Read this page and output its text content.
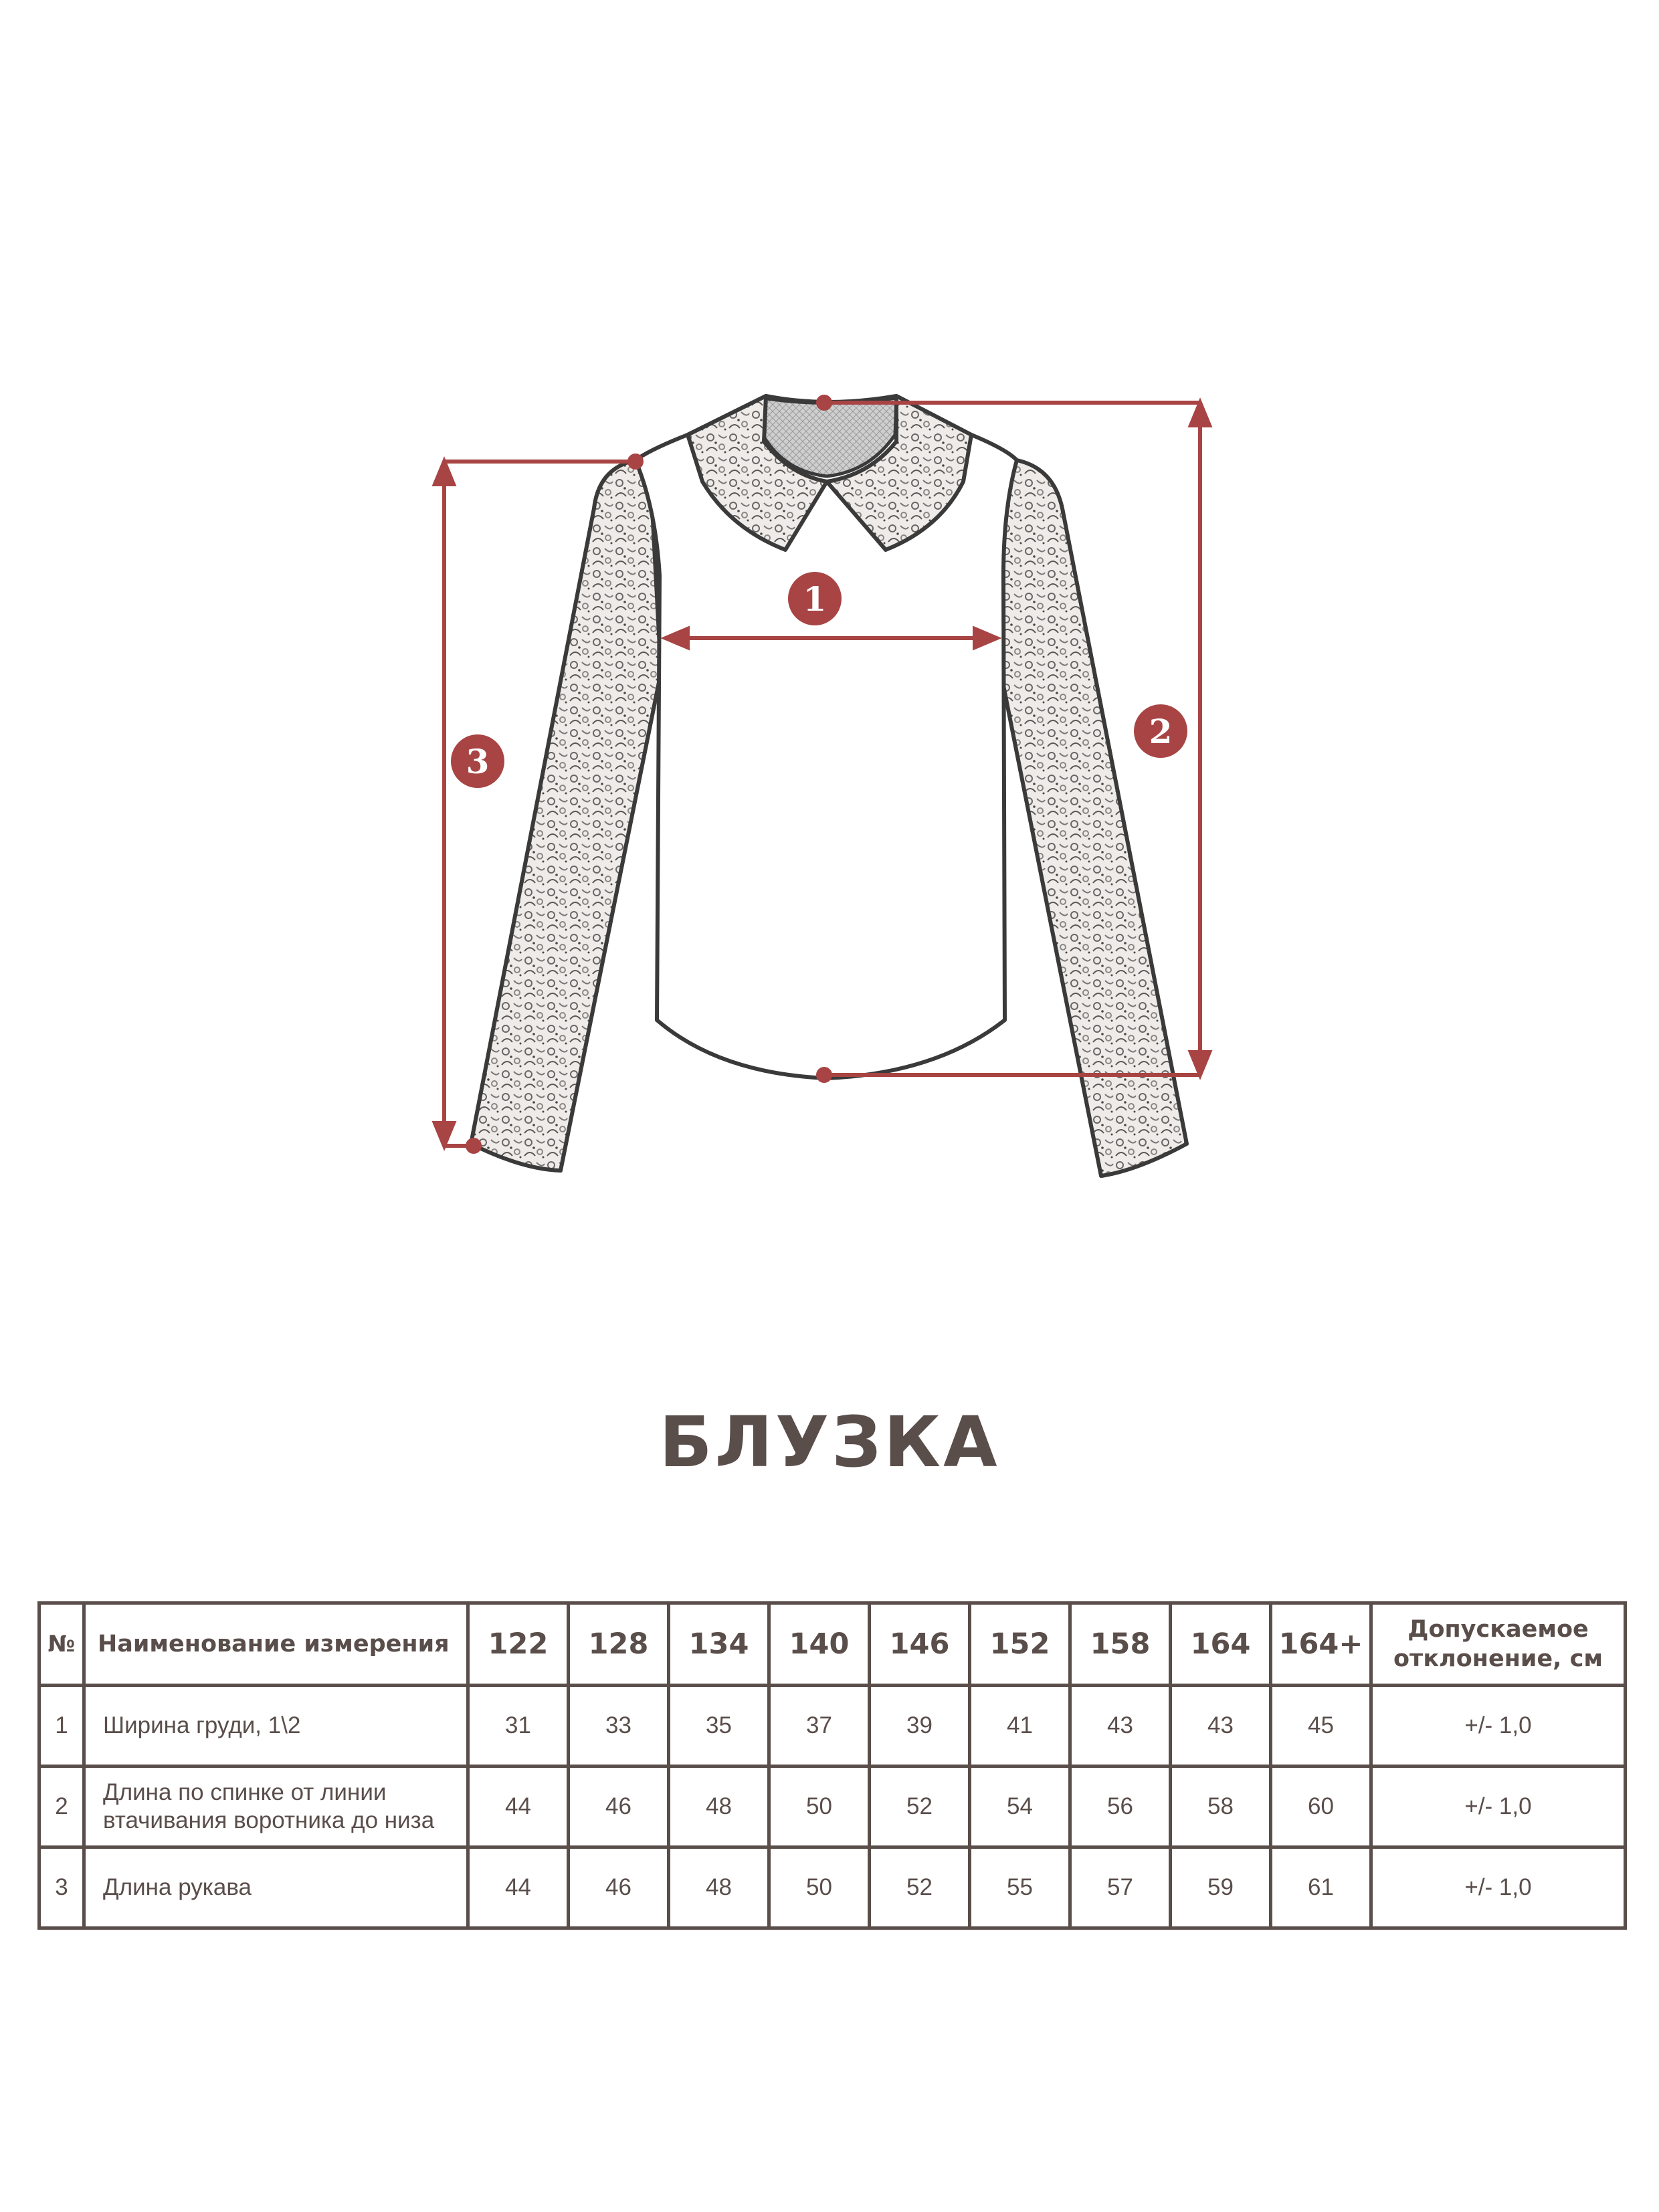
1
2
3
БЛУЗКА
№	Наименование измерения	122	128	134	140	146	152	158	164	164+	Допускаемое
отклонение, см

1	Ширина груди, 1\2	31	33	35	37	39	41	43	43	45	+/- 1,0
2	Длина по спинке от линии
втачивания воротника до низа	44	46	48	50	52	54	56	58	60	+/- 1,0
3	Длина рукава	44	46	48	50	52	55	57	59	61	+/- 1,0
